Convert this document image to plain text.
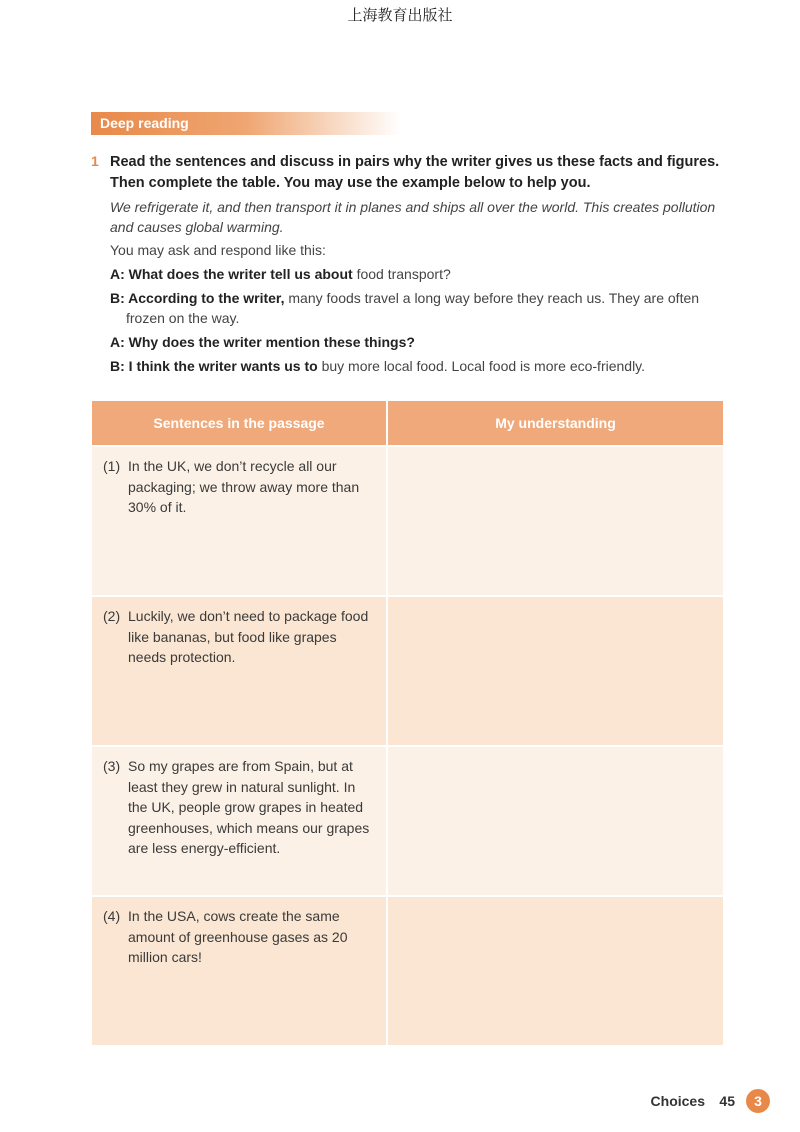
上海教育出版社
Deep reading
1 Read the sentences and discuss in pairs why the writer gives us these facts and figures. Then complete the table. You may use the example below to help you.
We refrigerate it, and then transport it in planes and ships all over the world. This creates pollution and causes global warming.
You may ask and respond like this:
A: What does the writer tell us about food transport?
B: According to the writer, many foods travel a long way before they reach us. They are often frozen on the way.
A: Why does the writer mention these things?
B: I think the writer wants us to buy more local food. Local food is more eco-friendly.
Sentences in the passage	My understanding

(1) In the UK, we don’t recycle all our packaging; we throw away more than 30% of it.	

(2) Luckily, we don’t need to package food like bananas, but food like grapes needs protection.	

(3) So my grapes are from Spain, but at least they grew in natural sunlight. In the UK, people grow grapes in heated greenhouses, which means our grapes are less energy-efficient.	

(4) In the USA, cows create the same amount of greenhouse gases as 20 million cars!	

Choices 45	3
